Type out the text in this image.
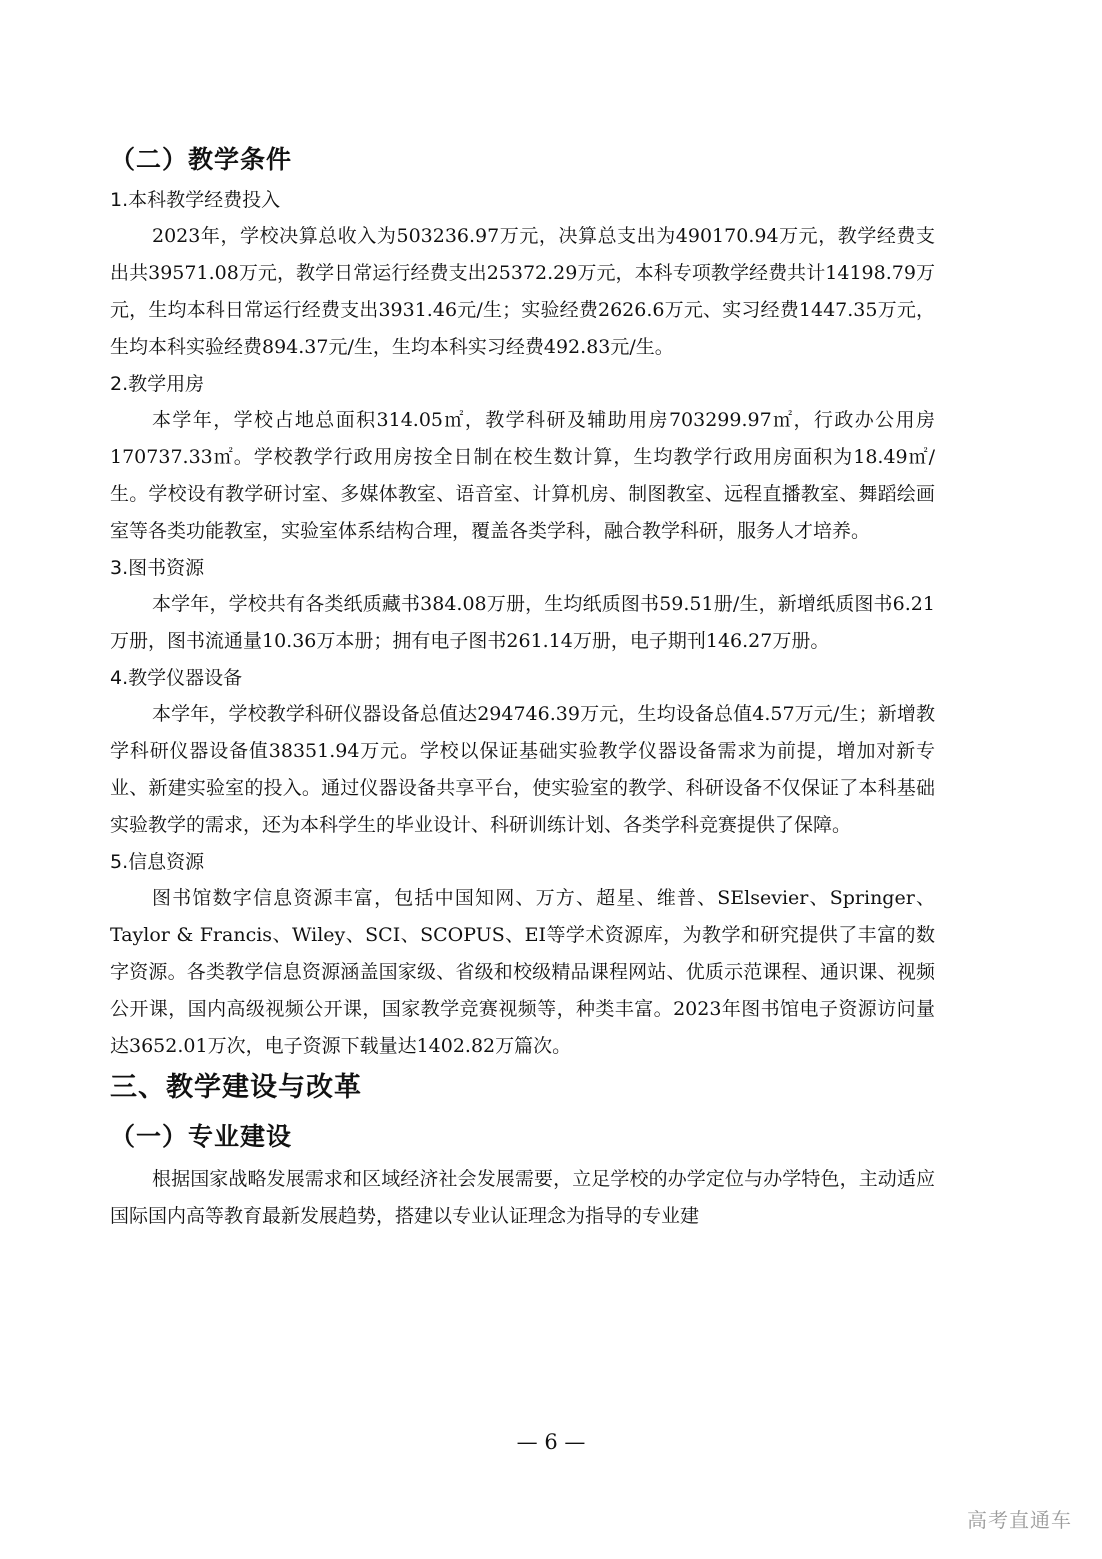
（二）教学条件
1.本科教学经费投入

2023年，学校决算总收入为503236.97万元，决算总支出为490170.94万元，教学经费支出共39571.08万元，教学日常运行经费支出25372.29万元，本科专项教学经费共计14198.79万元，生均本科日常运行经费支出3931.46元/生；实验经费2626.6万元、实习经费1447.35万元，生均本科实验经费894.37元/生，生均本科实习经费492.83元/生。

2.教学用房

本学年，学校占地总面积314.05㎡，教学科研及辅助用房703299.97㎡，行政办公用房170737.33㎡。学校教学行政用房按全日制在校生数计算，生均教学行政用房面积为18.49㎡/生。学校设有教学研讨室、多媒体教室、语音室、计算机房、制图教室、远程直播教室、舞蹈绘画室等各类功能教室，实验室体系结构合理，覆盖各类学科，融合教学科研，服务人才培养。

3.图书资源

本学年，学校共有各类纸质藏书384.08万册，生均纸质图书59.51册/生，新增纸质图书6.21万册，图书流通量10.36万本册；拥有电子图书261.14万册，电子期刊146.27万册。

4.教学仪器设备

本学年，学校教学科研仪器设备总值达294746.39万元，生均设备总值4.57万元/生；新增教学科研仪器设备值38351.94万元。学校以保证基础实验教学仪器设备需求为前提，增加对新专业、新建实验室的投入。通过仪器设备共享平台，使实验室的教学、科研设备不仅保证了本科基础实验教学的需求，还为本科学生的毕业设计、科研训练计划、各类学科竞赛提供了保障。

5.信息资源

图书馆数字信息资源丰富，包括中国知网、万方、超星、维普、SElsevier、Springer、Taylor & Francis、Wiley、SCI、SCOPUS、EI等学术资源库，为教学和研究提供了丰富的数字资源。各类教学信息资源涵盖国家级、省级和校级精品课程网站、优质示范课程、通识课、视频公开课，国内高级视频公开课，国家教学竞赛视频等，种类丰富。2023年图书馆电子资源访问量达3652.01万次，电子资源下载量达1402.82万篇次。

三、教学建设与改革
（一）专业建设

根据国家战略发展需求和区域经济社会发展需要，立足学校的办学定位与办学特色，主动适应国际国内高等教育最新发展趋势，搭建以专业认证理念为指导的专业建

— 6 —
高考直通车
